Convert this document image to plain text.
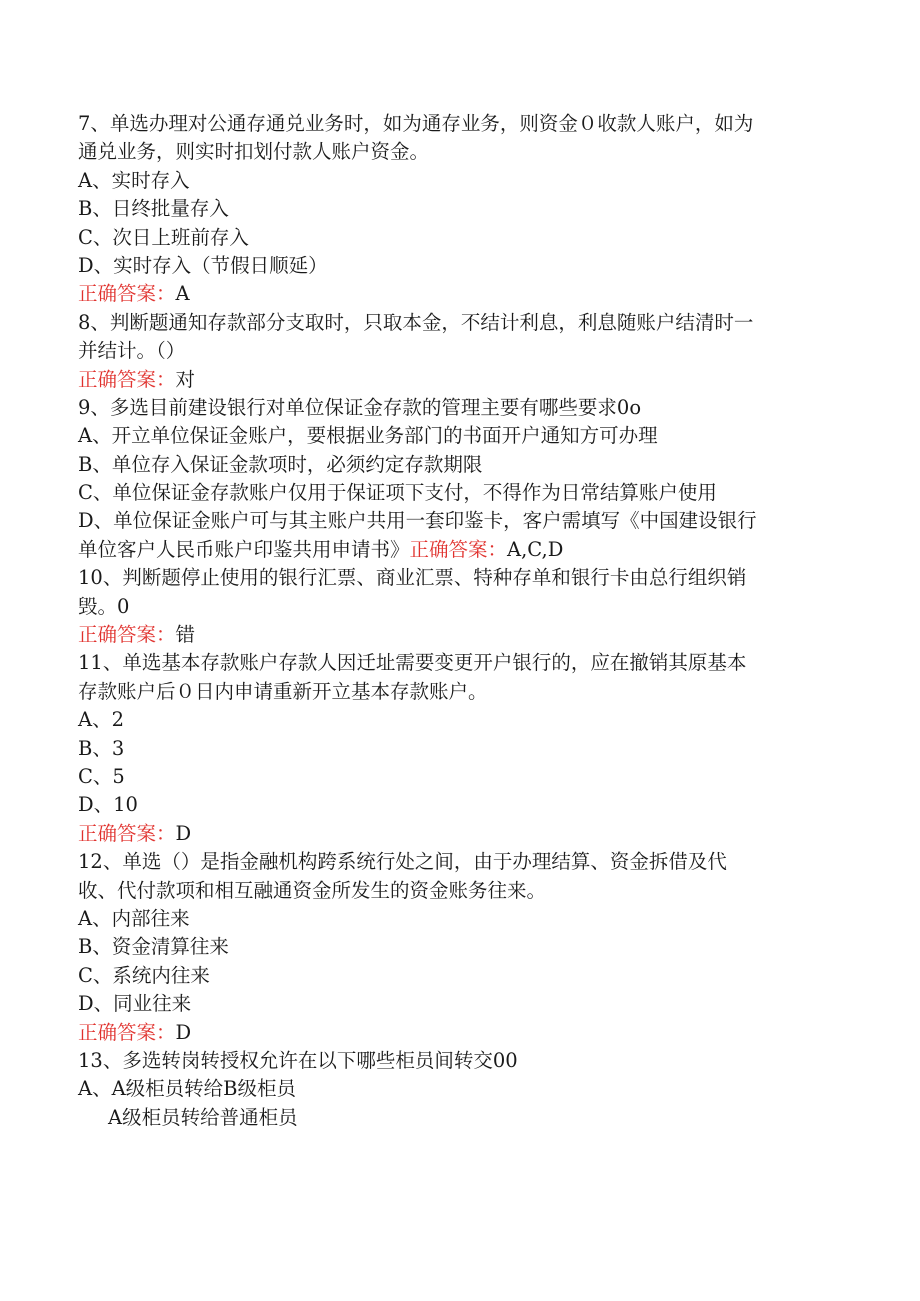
7、单选办理对公通存通兑业务时，如为通存业务，则资金０收款人账户，如为
通兑业务，则实时扣划付款人账户资金。
A、实时存入
B、日终批量存入
C、次日上班前存入
D、实时存入（节假日顺延）
正确答案：A
8、判断题通知存款部分支取时，只取本金，不结计利息，利息随账户结清时一
并结计。（）
正确答案：对
9、多选目前建设银行对单位保证金存款的管理主要有哪些要求0o
A、开立单位保证金账户，要根据业务部门的书面开户通知方可办理
B、单位存入保证金款项时，必须约定存款期限
C、单位保证金存款账户仅用于保证项下支付，不得作为日常结算账户使用
D、单位保证金账户可与其主账户共用一套印鉴卡，客户需填写《中国建设银行
单位客户人民币账户印鉴共用申请书》正确答案：A,C,D
10、判断题停止使用的银行汇票、商业汇票、特种存单和银行卡由总行组织销
毁。0
正确答案：错
11、单选基本存款账户存款人因迁址需要变更开户银行的，应在撤销其原基本
存款账户后０日内申请重新开立基本存款账户。
A、2
B、3
C、5
D、10
正确答案：D
12、单选（）是指金融机构跨系统行处之间，由于办理结算、资金拆借及代
收、代付款项和相互融通资金所发生的资金账务往来。
A、内部往来
B、资金清算往来
C、系统内往来
D、同业往来
正确答案：D
13、多选转岗转授权允许在以下哪些柜员间转交00
A、A级柜员转给B级柜员
A级柜员转给普通柜员
